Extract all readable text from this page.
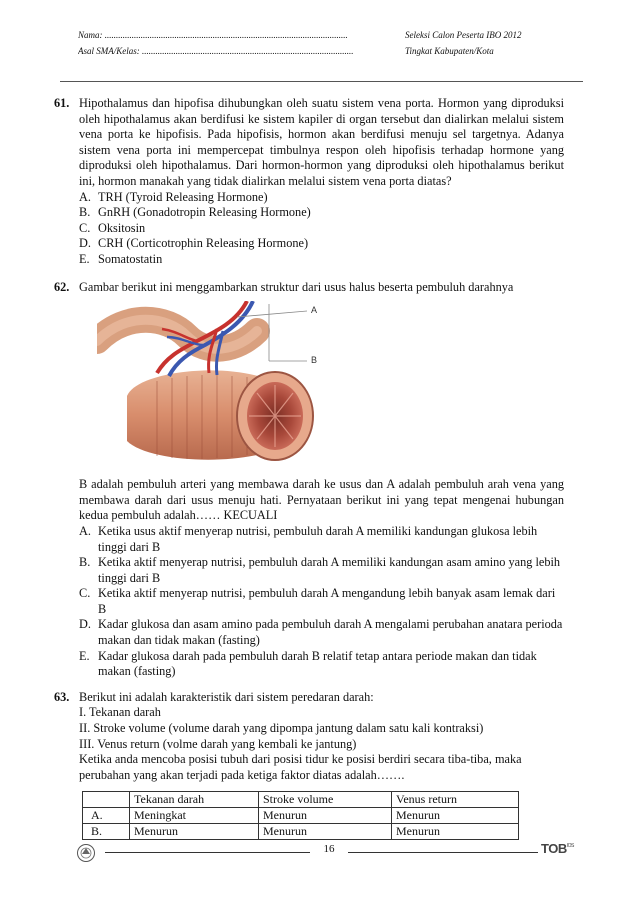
Nama: ............................................................................................................
Asal SMA/Kelas: ..............................................................................................
Seleksi Calon Peserta IBO 2012
Tingkat Kabupaten/Kota
61. Hipothalamus dan hipofisa dihubungkan oleh suatu sistem vena porta. Hormon yang diproduksi oleh hipothalamus akan berdifusi ke sistem kapiler di organ tersebut dan dialirkan melalui sistem vena porta ke hipofisis. Pada hipofisis, hormon akan berdifusi menuju sel targetnya. Adanya sistem vena porta ini mempercepat timbulnya respon oleh hipofisis terhadap hormone yang diproduksi oleh hipothalamus. Dari hormon-hormon yang diproduksi oleh hipothalamus berikut ini, hormon manakah yang tidak dialirkan melalui sistem vena porta diatas?
A. TRH (Tyroid Releasing Hormone)
B. GnRH (Gonadotropin Releasing Hormone)
C. Oksitosin
D. CRH (Corticotrophin Releasing Hormone)
E. Somatostatin
62. Gambar berikut ini menggambarkan struktur dari usus halus beserta pembuluh darahnya
A
B
B adalah pembuluh arteri yang membawa darah ke usus dan A adalah pembuluh arah vena yang membawa darah dari usus menuju hati. Pernyataan berikut ini yang tepat mengenai hubungan kedua pembuluh adalah…… KECUALI
A. Ketika usus aktif menyerap nutrisi, pembuluh darah A memiliki kandungan glukosa lebih tinggi dari B
B. Ketika aktif menyerap nutrisi, pembuluh darah A memiliki kandungan asam amino yang lebih tinggi dari B
C. Ketika aktif menyerap nutrisi, pembuluh darah A mengandung lebih banyak asam lemak dari B
D. Kadar glukosa dan asam amino pada pembuluh darah A mengalami perubahan anatara perioda makan dan tidak makan (fasting)
E. Kadar glukosa darah pada pembuluh darah B relatif tetap antara periode makan dan tidak makan (fasting)
63. Berikut ini adalah karakteristik dari sistem peredaran darah:
I. Tekanan darah
II. Stroke volume (volume darah yang dipompa jantung dalam satu kali kontraksi)
III. Venus return (volme darah yang kembali ke jantung)
Ketika anda mencoba posisi tubuh dari posisi tidur ke posisi berdiri secara tiba-tiba, maka perubahan yang akan terjadi pada ketiga faktor diatas adalah…….
	Tekanan darah	Stroke volume	Venus return
A.	Meningkat	Menurun	Menurun
B.	Menurun	Menurun	Menurun
16	$TOB^{IOS}$
